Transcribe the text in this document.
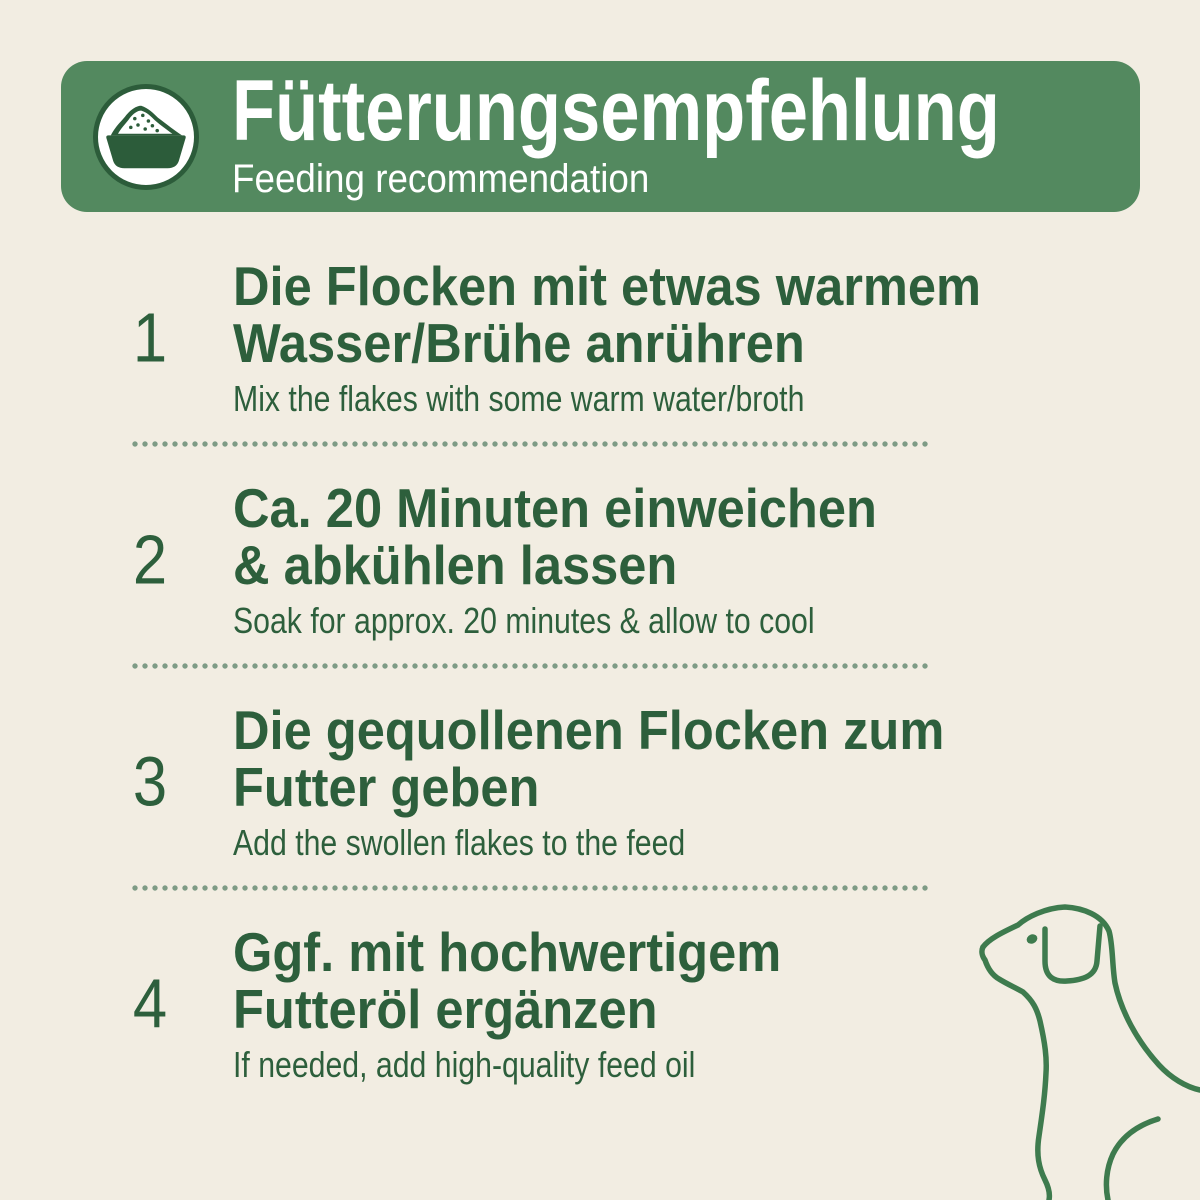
Fütterungsempfehlung
Feeding recommendation
1
Die Flocken mit etwas warmem
Wasser/Brühe anrühren
Mix the flakes with some warm water/broth
2
Ca. 20 Minuten einweichen
& abkühlen lassen
Soak for approx. 20 minutes & allow to cool
3
Die gequollenen Flocken zum
Futter geben
Add the swollen flakes to the feed
4
Ggf. mit hochwertigem
Futteröl ergänzen
If needed, add high-quality feed oil
